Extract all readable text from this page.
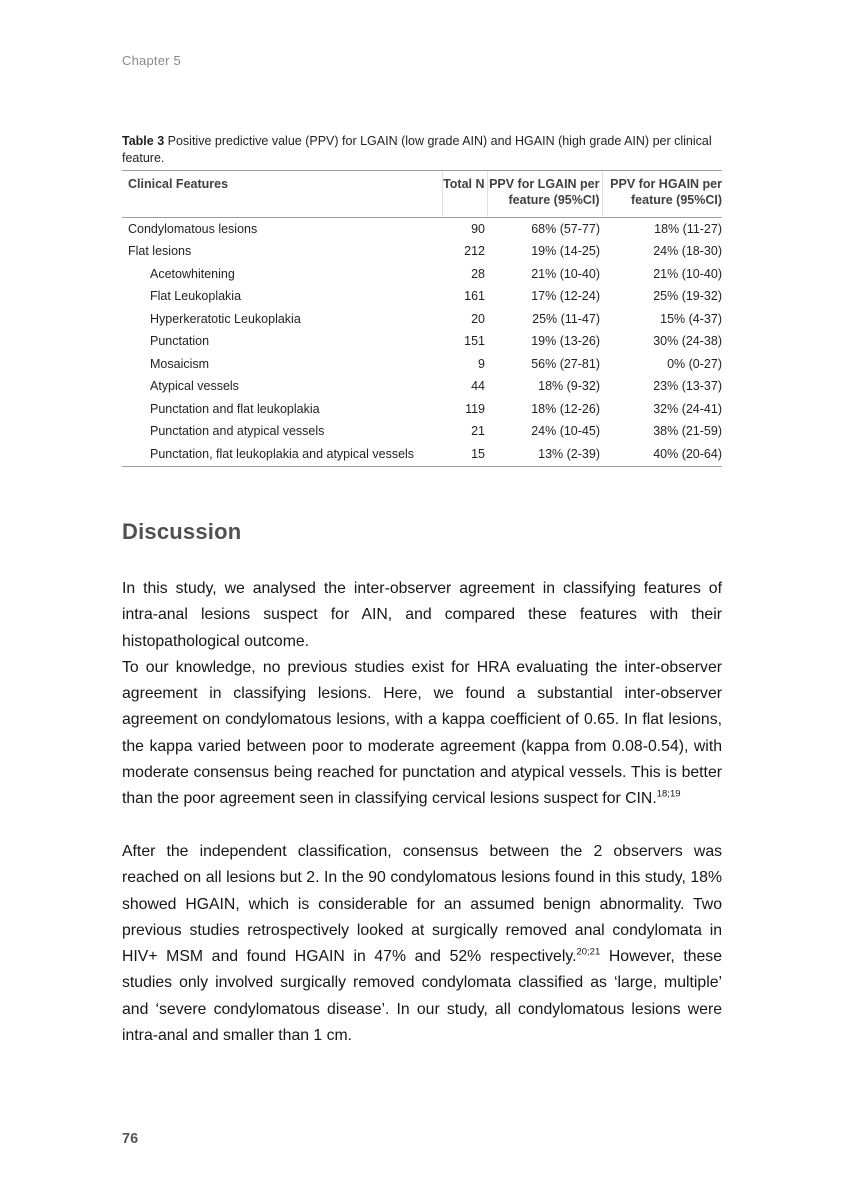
Chapter 5
Table 3 Positive predictive value (PPV) for LGAIN (low grade AIN) and HGAIN (high grade AIN) per clinical feature.
Clinical Features	Total N	PPV for LGAIN per feature (95%CI)	PPV for HGAIN per feature (95%CI)
Condylomatous lesions	90	68% (57-77)	18% (11-27)
Flat lesions	212	19% (14-25)	24% (18-30)
Acetowhitening	28	21% (10-40)	21% (10-40)
Flat Leukoplakia	161	17% (12-24)	25% (19-32)
Hyperkeratotic Leukoplakia	20	25% (11-47)	15% (4-37)
Punctation	151	19% (13-26)	30% (24-38)
Mosaicism	9	56% (27-81)	0% (0-27)
Atypical vessels	44	18% (9-32)	23% (13-37)
Punctation and flat leukoplakia	119	18% (12-26)	32% (24-41)
Punctation and atypical vessels	21	24% (10-45)	38% (21-59)
Punctation, flat leukoplakia and atypical vessels	15	13% (2-39)	40% (20-64)
Discussion

In this study, we analysed the inter-observer agreement in classifying features of intra-anal lesions suspect for AIN, and compared these features with their histopathological outcome.

To our knowledge, no previous studies exist for HRA evaluating the inter-observer agreement in classifying lesions. Here, we found a substantial inter-observer agreement on condylomatous lesions, with a kappa coefficient of 0.65. In flat lesions, the kappa varied between poor to moderate agreement (kappa from 0.08-0.54), with moderate consensus being reached for punctation and atypical vessels. This is better than the poor agreement seen in classifying cervical lesions suspect for CIN.$^{18;19}$

After the independent classification, consensus between the 2 observers was reached on all lesions but 2. In the 90 condylomatous lesions found in this study, 18% showed HGAIN, which is considerable for an assumed benign abnormality. Two previous studies retrospectively looked at surgically removed anal condylomata in HIV+ MSM and found HGAIN in 47% and 52% respectively.$^{20;21}$ However, these studies only involved surgically removed condylomata classified as ‘large, multiple’ and ‘severe condylomatous disease’. In our study, all condylomatous lesions were intra-anal and smaller than 1 cm.

76
